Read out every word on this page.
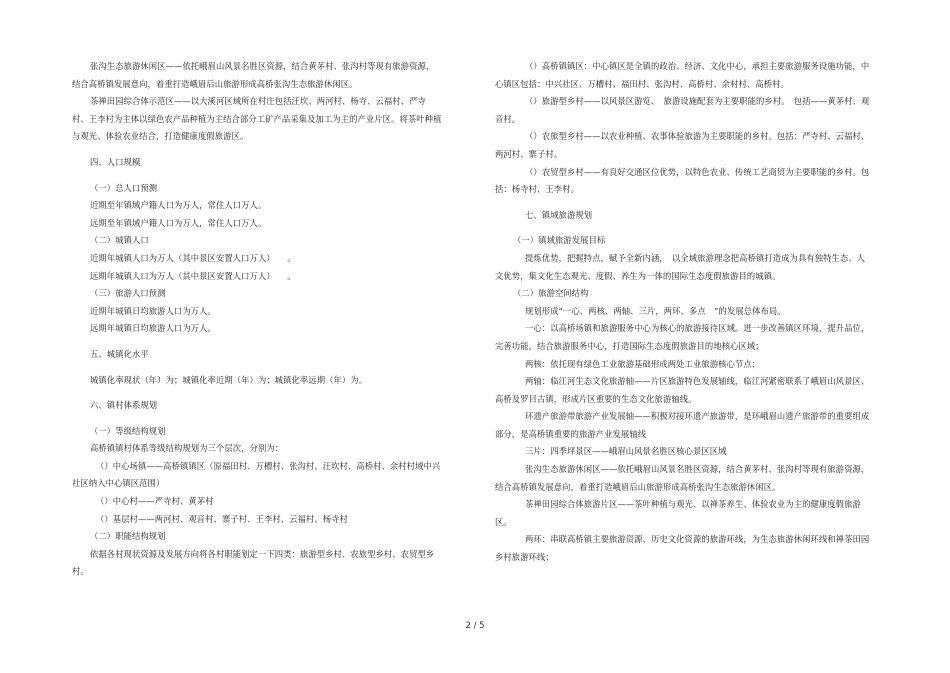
张沟生态旅游休闲区——依托峨眉山风景名胜区资源，结合黄茅村、张沟村等现有旅游资源，结合高桥镇发展意向，着重打造峨眉后山旅游形成高桥张沟生态旅游休闲区。

茶禅田园综合体示范区——以大溪河区域所在村庄包括汪坎、两河村、杨寺、云福村、严寺村、王李村为主体以绿色农产品种植为主结合部分工矿产品采集及加工为主的产业片区。将茶叶种植与观光、体验农业结合，打造健康度假旅游区。

四、人口规模

（一）总人口预测

近期至年镇域户籍人口为万人，常住人口万人。

远期至年镇域户籍人口为万人，常住人口万人。

（二）城镇人口

近期年城镇人口为万人（其中景区安置人口万人）　　。

远期年城镇人口为万人（其中景区安置人口万人）　　。

（三）旅游人口预测

近期年城镇日均旅游人口为万人。

远期年城镇日均旅游人口为万人。

五、城镇化水平

城镇化率现状（年）为；城镇化率近期（年）为；城镇化率远期（年）为。

六、镇村体系规划

（一）等级结构规划

高桥镇镇村体系等级结构规划为三个层次，分别为：

（）中心场镇——高桥镇镇区（原福田村、万槽村、张沟村、汪坎村、高桥村、余村村域中兴社区纳入中心镇区范围）

（）中心村——严寺村、黄茅村

（）基层村——两河村、观音村、寨子村、王李村、云福村、杨寺村

（二）职能结构规划

依据各村现状资源及发展方向将各村职能划定一下四类：旅游型乡村、农旅型乡村、农贸型乡村。

（）高桥镇镇区：中心镇区是全镇的政治、经济、文化中心，承担主要旅游服务设施功能，中心镇区包括：中兴社区、万槽村、福田村、张沟村、高桥村、余村村、高桥村。

（）旅游型乡村——以风景区游览、　旅游设施配套为主要职能的乡村。　包括——黄茅村、观音村。

（）农旅型乡村——以农业种植、农事体验旅游为主要职能的乡村。包括：严寺村、云福村、两河村、寨子村。

（）农贸型乡村——有良好交通区位优势，以特色农业、传统工艺商贸为主要职能的乡村。包括：杨寺村、王李村。

七、镇域旅游规划

（一）镇域旅游发展目标

提炼优势，把握特点，赋予全新内涵，　以全域旅游理念把高桥镇打造成为具有独特生态、人文优势，集文化生态观光、度假、养生为一体的国际生态度假旅游目的城镇。

（二）旅游空间结构

规划形成“一心、两核、两轴、三片，两环、多点　”的发展总体布局。

一心：以高桥场镇和旅游服务中心为核心的旅游接待区域。进一步改善镇区环境，提升品位，完善功能，结合旅游服务中心，打造国际生态度假旅游目的地核心区域；

两核：依托现有绿色工业旅游基础形成两处工业旅游核心节点；

两轴：临江河生态文化旅游轴——片区旅游特色发展轴线，临江河紧密联系了峨眉山风景区、高桥及罗目古镇，形成片区重要的生态文化旅游轴线。

环遗产旅游带旅游产业发展轴——积极对接环遗产旅游带，是环峨眉山遗产旅游带的重要组成部分，是高桥镇重要的旅游产业发展轴线

三片：四季坪景区——峨眉山风景名胜区核心景区区域

张沟生态旅游休闲区——依托峨眉山风景名胜区资源，结合黄茅村、张沟村等现有旅游资源，结合高桥镇发展意向，着重打造峨眉后山旅游形成高桥张沟生态旅游休闲区。

茶禅田园综合体旅游片区——茶叶种植与观光、以禅茶养生、体验农业为主的健康度假旅游区。

两环：串联高桥镇主要旅游资源、历史文化资源的旅游环线，为生态旅游休闲环线和禅茶田园乡村旅游环线；

2 / 5
